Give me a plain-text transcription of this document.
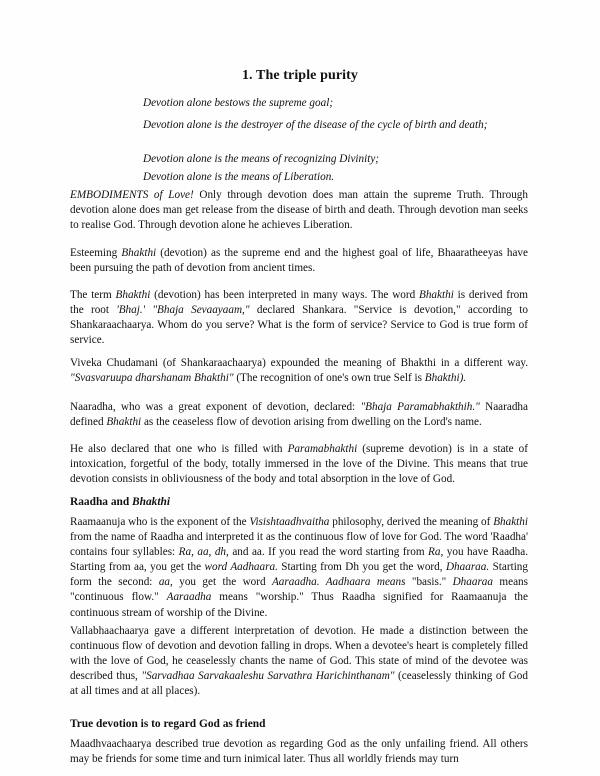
1. The triple purity
Devotion alone bestows the supreme goal;
Devotion alone is the destroyer of the disease of the cycle of birth and death;
Devotion alone is the means of recognizing Divinity;
Devotion alone is the means of Liberation.
EMBODIMENTS of Love! Only through devotion does man attain the supreme Truth. Through devotion alone does man get release from the disease of birth and death. Through devotion man seeks to realise God. Through devotion alone he achieves Liberation.
Esteeming Bhakthi (devotion) as the supreme end and the highest goal of life, Bhaaratheeyas have been pursuing the path of devotion from ancient times.
The term Bhakthi (devotion) has been interpreted in many ways. The word Bhakthi is derived from the root 'Bhaj.' "Bhaja Sevaayaam," declared Shankara. "Service is devotion," according to Shankaraachaarya. Whom do you serve? What is the form of service? Service to God is true form of service.
Viveka Chudamani (of Shankaraachaarya) expounded the meaning of Bhakthi in a different way. "Svasvaruupa dharshanam Bhakthi" (The recognition of one's own true Self is Bhakthi).
Naaradha, who was a great exponent of devotion, declared: "Bhaja Paramabhakthih." Naaradha defined Bhakthi as the ceaseless flow of devotion arising from dwelling on the Lord's name.
He also declared that one who is filled with Paramabhakthi (supreme devotion) is in a state of intoxication, forgetful of the body, totally immersed in the love of the Divine. This means that true devotion consists in obliviousness of the body and total absorption in the love of God.
Raadha and Bhakthi
Raamaanuja who is the exponent of the Visishtaadhvaitha philosophy, derived the meaning of Bhakthi from the name of Raadha and interpreted it as the continuous flow of love for God. The word 'Raadha' contains four syllables: Ra, aa, dh, and aa. If you read the word starting from Ra, you have Raadha. Starting from aa, you get the word Aadhaara. Starting from Dh you get the word, Dhaaraa. Starting form the second: aa, you get the word Aaraadha. Aadhaara means "basis." Dhaaraa means "continuous flow." Aaraadha means "worship." Thus Raadha signified for Raamaanuja the continuous stream of worship of the Divine.
Vallabhaachaarya gave a different interpretation of devotion. He made a distinction between the continuous flow of devotion and devotion falling in drops. When a devotee's heart is completely filled with the love of God, he ceaselessly chants the name of God. This state of mind of the devotee was described thus, "Sarvadhaa Sarvakaaleshu Sarvathra Harichinthanam" (ceaselessly thinking of God at all times and at all places).
True devotion is to regard God as friend
Maadhvaachaarya described true devotion as regarding God as the only unfailing friend. All others may be friends for some time and turn inimical later. Thus all worldly friends may turn
